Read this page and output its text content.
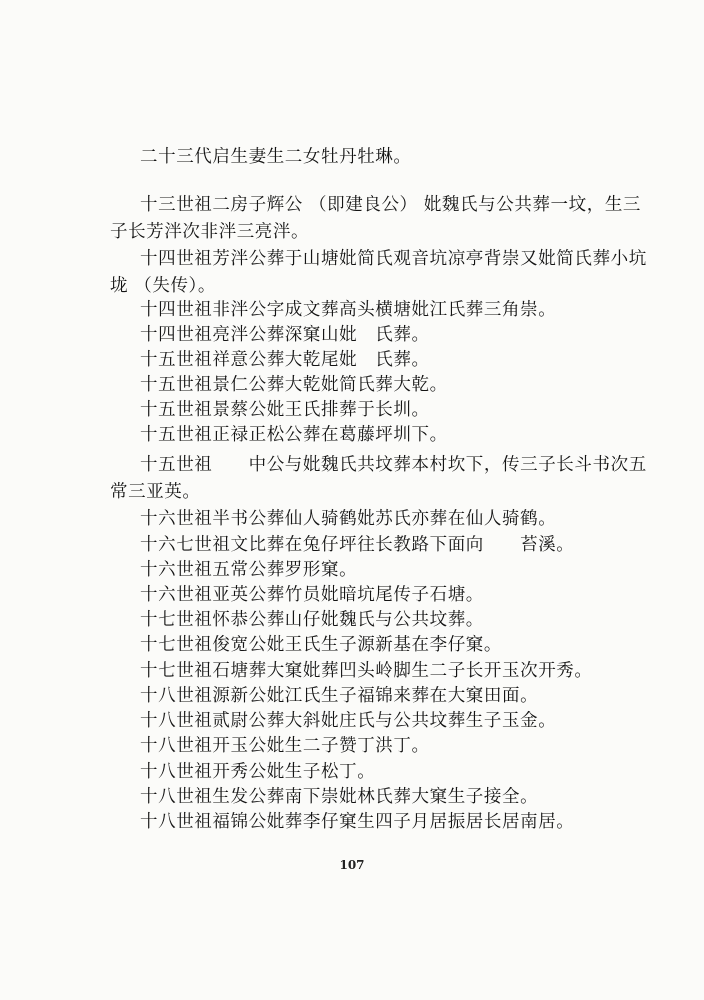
二十三代启生妻生二女牡丹牡琳。

十三世祖二房子辉公 （即建良公） 妣魏氏与公共葬一坟，生三子长芳泮次非泮三亮泮。

十四世祖芳泮公葬于山塘妣简氏观音坑凉亭背崇又妣简氏葬小坑垅 （失传）。

十四世祖非泮公字成文葬高头横塘妣江氏葬三角崇。

十四世祖亮泮公葬深窠山妣　氏葬。

十五世祖祥意公葬大乾尾妣　氏葬。

十五世祖景仁公葬大乾妣简氏葬大乾。

十五世祖景蔡公妣王氏排葬于长圳。

十五世祖正禄正松公葬在葛藤坪圳下。

十五世祖　　中公与妣魏氏共坟葬本村坎下，传三子长斗书次五常三亚英。

十六世祖半书公葬仙人骑鹤妣苏氏亦葬在仙人骑鹤。

十六七世祖文比葬在兔仔坪往长教路下面向　　苔溪。

十六世祖五常公葬罗形窠。

十六世祖亚英公葬竹员妣暗坑尾传子石塘。

十七世祖怀恭公葬山仔妣魏氏与公共坟葬。

十七世祖俊宽公妣王氏生子源新基在李仔窠。

十七世祖石塘葬大窠妣葬凹头岭脚生二子长开玉次开秀。

十八世祖源新公妣江氏生子福锦来葬在大窠田面。

十八世祖贰尉公葬大斜妣庄氏与公共坟葬生子玉金。

十八世祖开玉公妣生二子赞丁洪丁。

十八世祖开秀公妣生子松丁。

十八世祖生发公葬南下崇妣林氏葬大窠生子接全。

十八世祖福锦公妣葬李仔窠生四子月居振居长居南居。

107
